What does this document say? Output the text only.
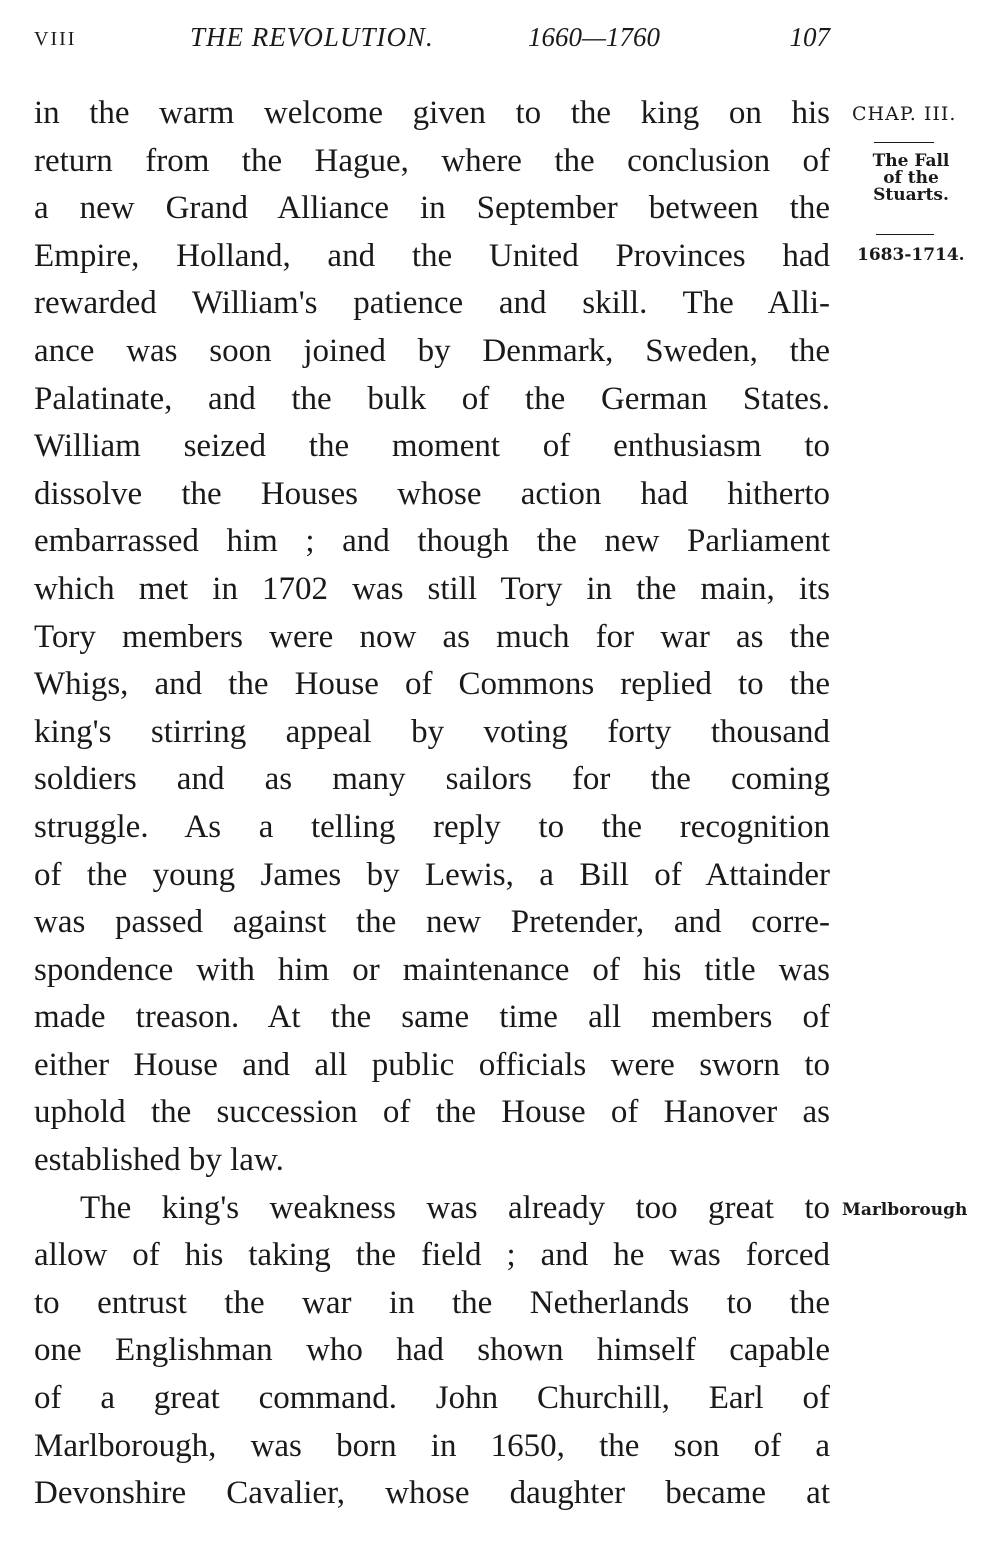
VIII	THE REVOLUTION.	1660—1760	107
in the warm welcome given to the king on his
return from the Hague, where the conclusion of
a new Grand Alliance in September between the
Empire, Holland, and the United Provinces had
rewarded William's patience and skill. The Alli-
ance was soon joined by Denmark, Sweden, the
Palatinate, and the bulk of the German States.
William seized the moment of enthusiasm to
dissolve the Houses whose action had hitherto
embarrassed him ; and though the new Parliament
which met in 1702 was still Tory in the main, its
Tory members were now as much for war as the
Whigs, and the House of Commons replied to the
king's stirring appeal by voting forty thousand
soldiers and as many sailors for the coming
struggle. As a telling reply to the recognition
of the young James by Lewis, a Bill of Attainder
was passed against the new Pretender, and corre-
spondence with him or maintenance of his title was
made treason. At the same time all members of
either House and all public officials were sworn to
uphold the succession of the House of Hanover as
established by law.
The king's weakness was already too great to
allow of his taking the field ; and he was forced
to entrust the war in the Netherlands to the
one Englishman who had shown himself capable
of a great command. John Churchill, Earl of
Marlborough, was born in 1650, the son of a
Devonshire Cavalier, whose daughter became at
CHAP. III.
The Fall
of the
Stuarts.
1683-1714.
Marlborough
